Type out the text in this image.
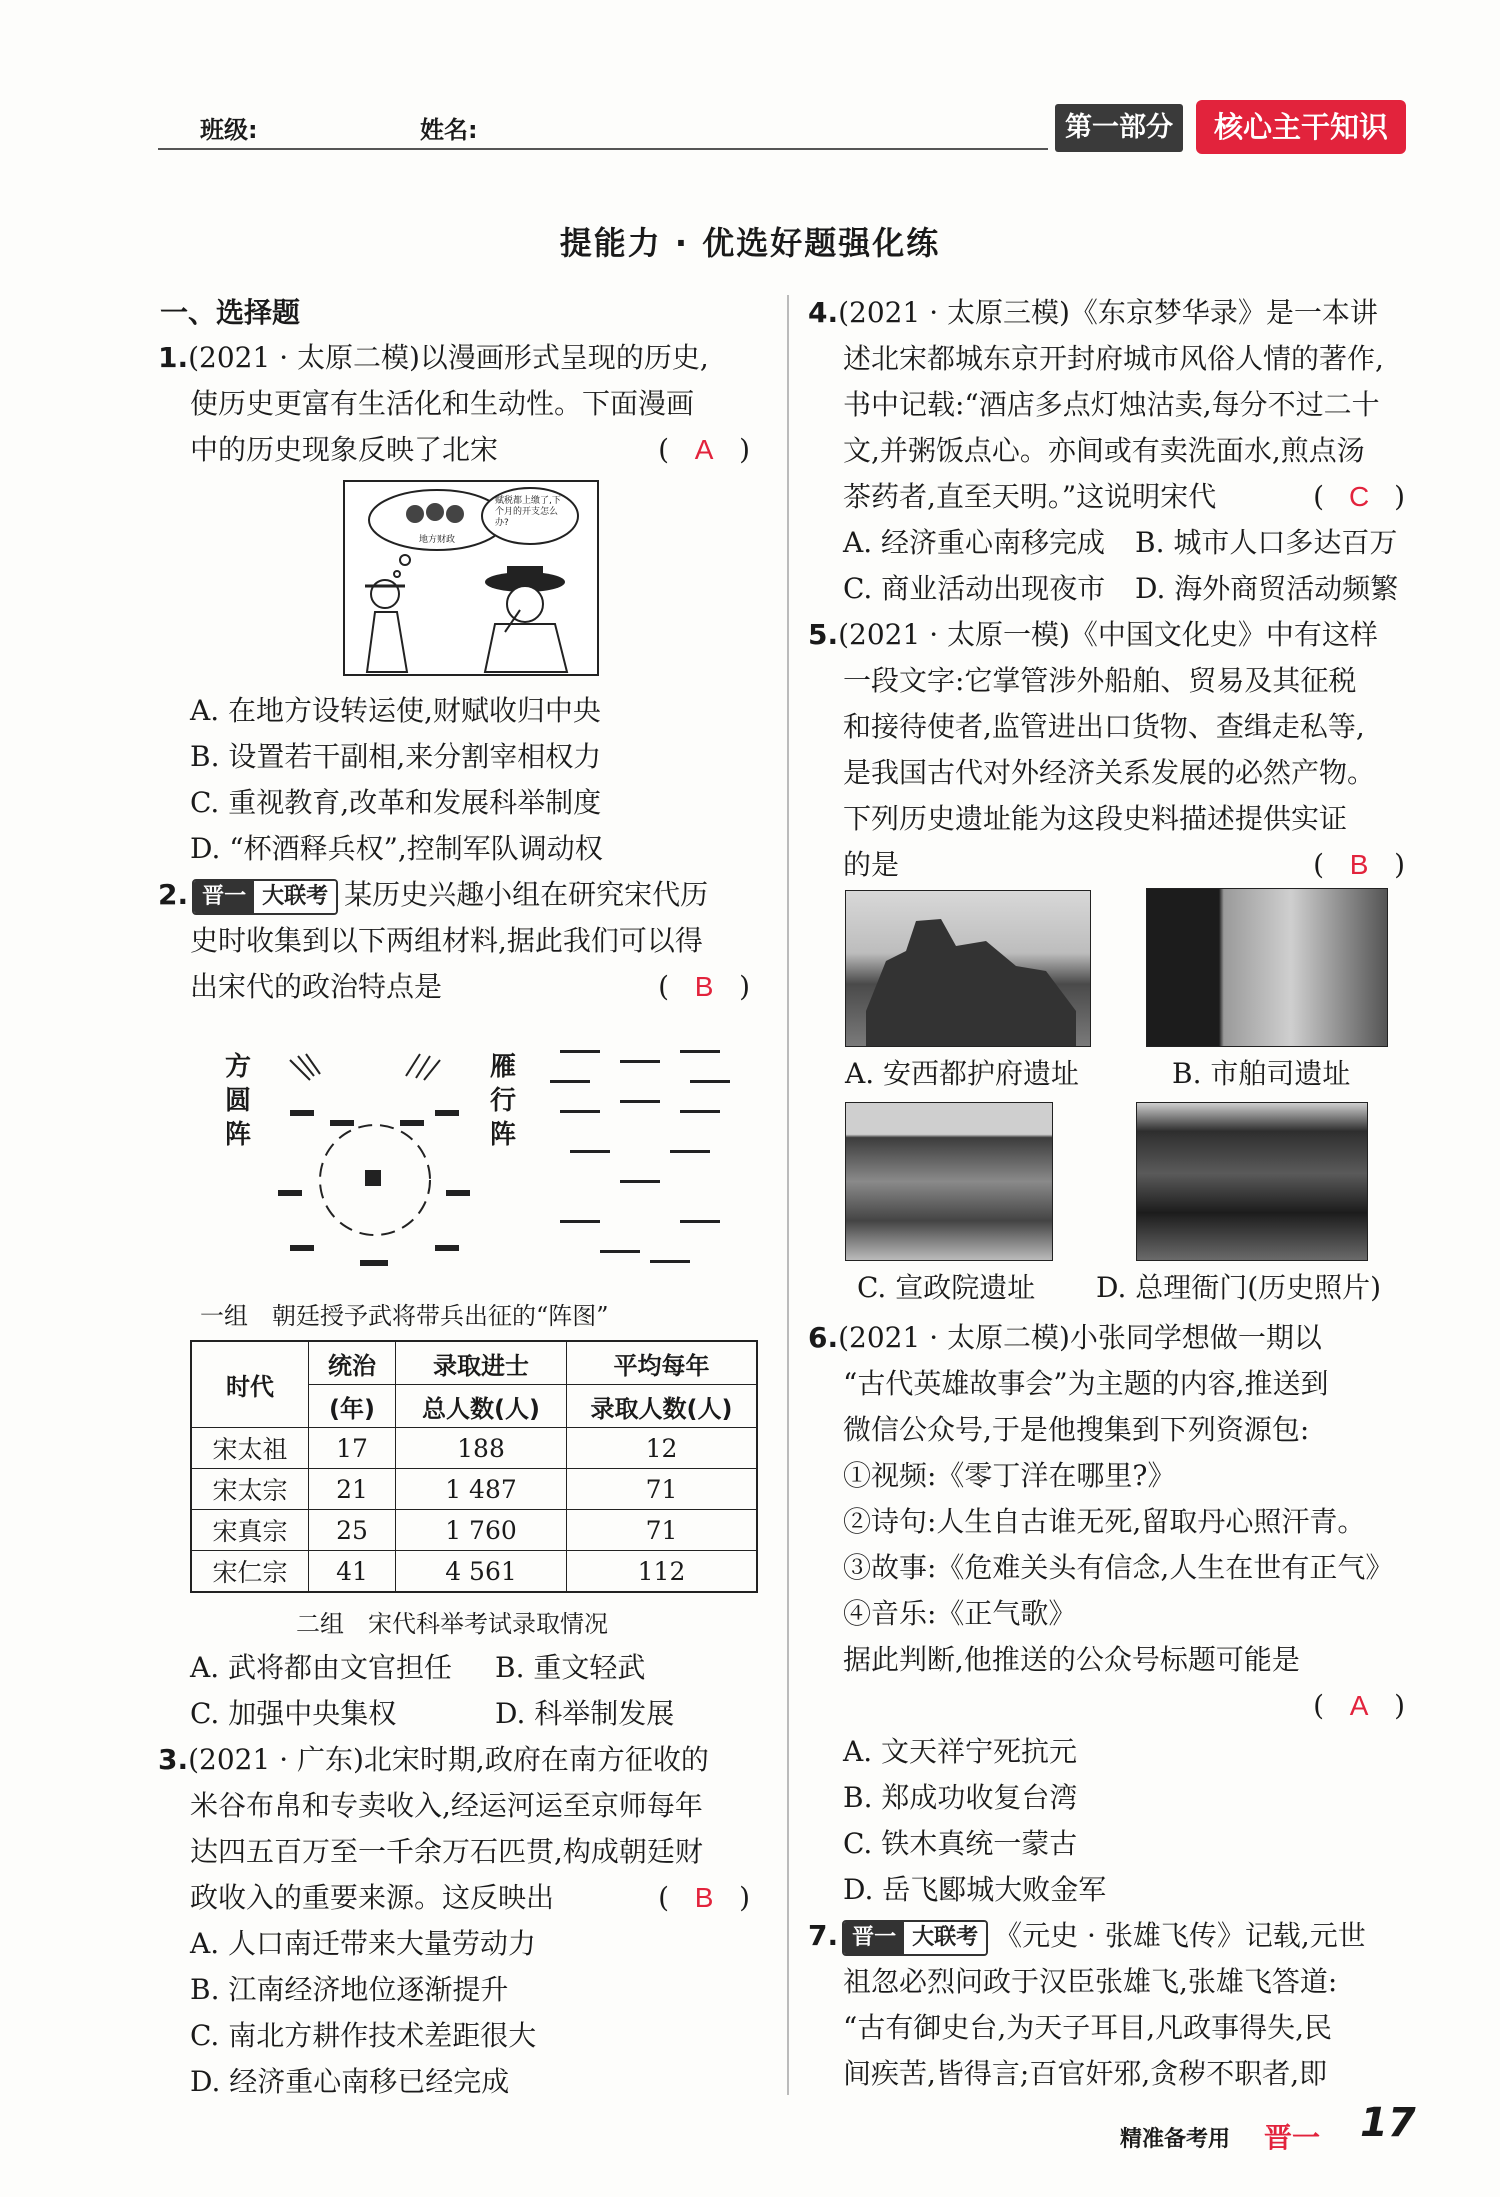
班级:	姓名:	第一部分	核心主干知识
提能力 · 优选好题强化练
一、选择题
1.(2021 · 太原二模)以漫画形式呈现的历史,
使历史更富有生活化和生动性。下面漫画
中的历史现象反映了北宋	( A )
赋税都上缴了,下个月的开支怎么办?
地方财政
A. 在地方设转运使,财赋收归中央
B. 设置若干副相,来分割宰相权力
C. 重视教育,改革和发展科举制度
D. “杯酒释兵权”,控制军队调动权
2. 晋一 大联考 某历史兴趣小组在研究宋代历
史时收集到以下两组材料,据此我们可以得
出宋代的政治特点是	( B )
方圆阵
雁行阵
一组　朝廷授予武将带兵出征的“阵图”
时代	统治	录取进士	平均每年
	(年)	总人数(人)	录取人数(人)
宋太祖	17	188	12
宋太宗	21	1 487	71
宋真宗	25	1 760	71
宋仁宗	41	4 561	112
二组　宋代科举考试录取情况
A. 武将都由文官担任 B. 重文轻武
C. 加强中央集权	D. 科举制发展
3.(2021 · 广东)北宋时期,政府在南方征收的
米谷布帛和专卖收入,经运河运至京师每年
达四五百万至一千余万石匹贯,构成朝廷财
政收入的重要来源。这反映出	( B )
A. 人口南迁带来大量劳动力
B. 江南经济地位逐渐提升
C. 南北方耕作技术差距很大
D. 经济重心南移已经完成
4.(2021 · 太原三模)《东京梦华录》是一本讲
述北宋都城东京开封府城市风俗人情的著作,
书中记载:“酒店多点灯烛沽卖,每分不过二十
文,并粥饭点心。亦间或有卖洗面水,煎点汤
茶药者,直至天明。”这说明宋代	( C )
A. 经济重心南移完成 B. 城市人口多达百万
C. 商业活动出现夜市 D. 海外商贸活动频繁
5.(2021 · 太原一模)《中国文化史》中有这样
一段文字:它掌管涉外船舶、贸易及其征税
和接待使者,监管进出口货物、查缉走私等,
是我国古代对外经济关系发展的必然产物。
下列历史遗址能为这段史料描述提供实证
的是	( B )
A. 安西都护府遗址	B. 市舶司遗址
C. 宣政院遗址 D. 总理衙门(历史照片)
6.(2021 · 太原二模)小张同学想做一期以
“古代英雄故事会”为主题的内容,推送到
微信公众号,于是他搜集到下列资源包:
①视频:《零丁洋在哪里?》
②诗句:人生自古谁无死,留取丹心照汗青。
③故事:《危难关头有信念,人生在世有正气》
④音乐:《正气歌》
据此判断,他推送的公众号标题可能是
( A )
A. 文天祥宁死抗元
B. 郑成功收复台湾
C. 铁木真统一蒙古
D. 岳飞郾城大败金军
7. 晋一 大联考 《元史 · 张雄飞传》记载,元世
祖忽必烈问政于汉臣张雄飞,张雄飞答道:
“古有御史台,为天子耳目,凡政事得失,民
间疾苦,皆得言;百官奸邪,贪秽不职者,即
精准备考用 晋一 17
